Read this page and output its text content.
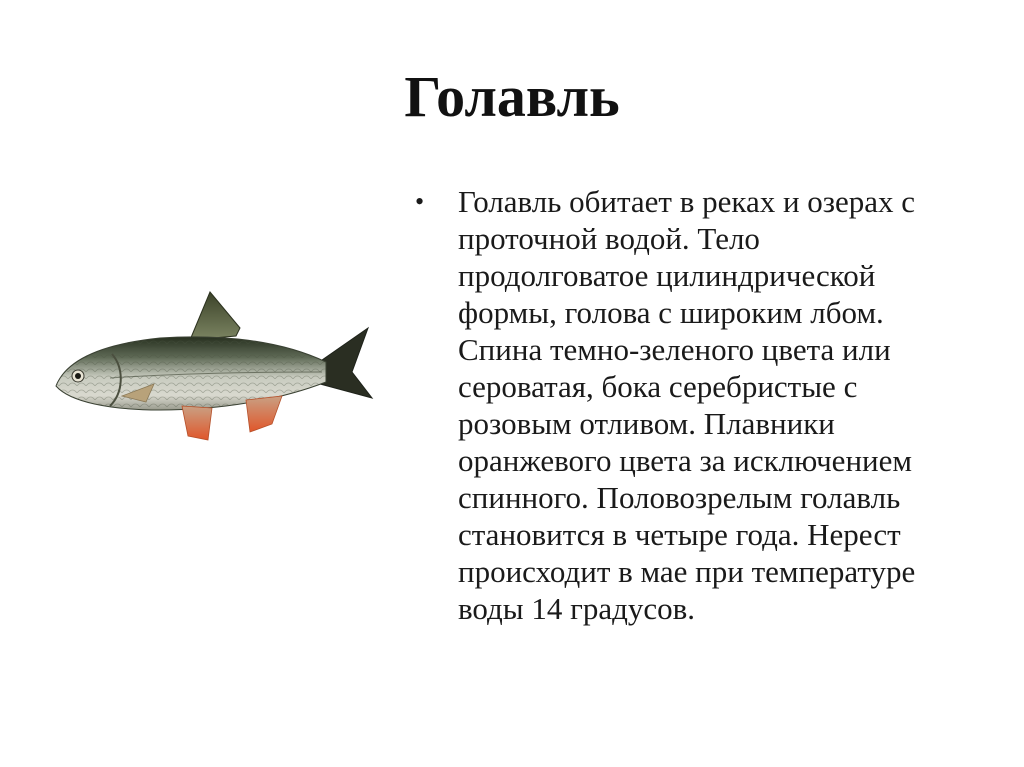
Голавль
• Голавль обитает в реках и озерах с
проточной водой. Тело
продолговатое цилиндрической
формы, голова с широким лбом.
Спина темно-зеленого цвета или
сероватая, бока серебристые с
розовым отливом. Плавники
оранжевого цвета за исключением
спинного. Половозрелым голавль
становится в четыре года. Нерест
происходит в мае при температуре
воды 14 градусов.
